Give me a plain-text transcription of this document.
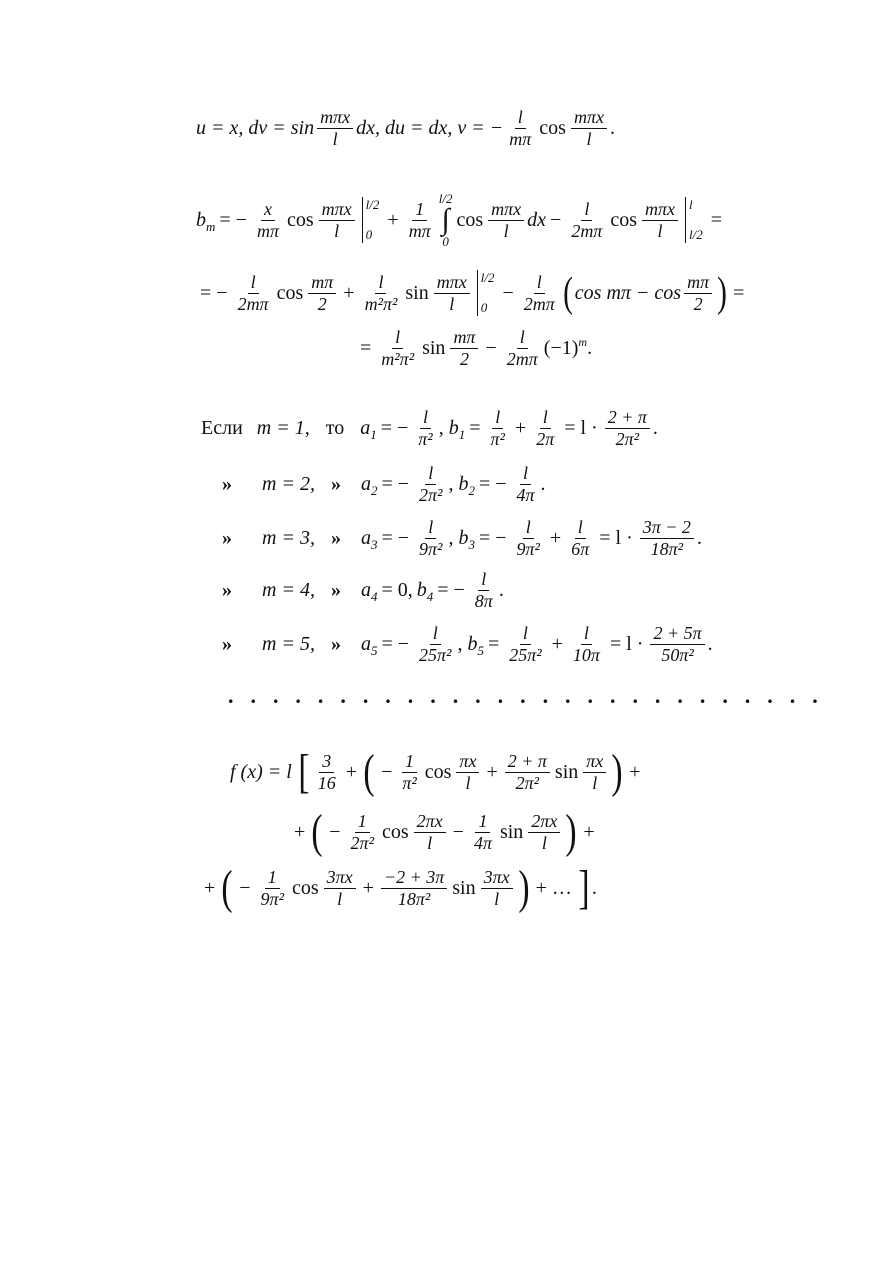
u = x,
dv = $\sin \frac{\text{mπx}}{l}$ dx,
du = dx,
v = − $\frac{l}{m\pi}$ $\cos \frac{\text{mπx}}{l}$ .
$b_m$ = − $\frac{x}{m\pi}$ $\cos \frac{\text{mπx}}{l} l/2$
0
+ $\frac{1}{m\pi}$
l/2
∫
0
$\cos \frac{\text{mπx}}{l}$ dx − $\frac{l}{2m\pi}$ $\cos \frac{\text{mπx}}{l}$ l
l/2
=
= − $\frac{l}{2m\pi}$ $\cos \frac{m\pi}{2} + \frac{l}{\text{m²π²}}$ $\sin \frac{\text{mπx}}{l} l/2$
0
− $\frac{l}{2m\pi}$ ( $\cos m\pi - \cos \frac{m\pi}{2}$ ) =
= $\frac{l}{\text{m²π²}}$ $\sin \frac{m\pi}{2} - \frac{l}{2m\pi} (-1)^m$ .
Если m = 1, то $a_1$ = − $\frac{l}{\text{π²}}$ , $b_1 = \frac{l}{\text{π²}} + \frac{l}{2\pi} = l \cdot \frac{2 + \pi}{\text{2π²}}$ .
»	m = 2, »	$a_2$ = − $\frac{l}{\text{2π²}}$ , $b_2$ = − $\frac{l}{4\pi}$ .
»	m = 3, »	$a_3$ = − $\frac{l}{\text{9π²}}$ , $b_3$ = − $\frac{l}{\text{9π²}} + \frac{l}{6\pi} = l \cdot \frac{3\pi - 2}{\text{18π²}}$ .
»	m = 4, »	$a_4 = 0$, $b_4$ = − $\frac{l}{8\pi}$ .
»	m = 5, »	$a_5$ = − $\frac{l}{\text{25π²}}$ , $b_5 = \frac{l}{\text{25π²}} + \frac{l}{10\pi} = l \cdot \frac{2 + 5\pi}{\text{50π²}}$ .
. . . . . . . . . . . . . . . . . . . . . . . . . . .
f (x) = l [ $\frac{3}{16}$ + ( − $\frac{1}{\text{π²}}$ $\cos \frac{\pi x}{l} + \frac{2 + \pi}{\text{2π²}}$ $\sin \frac{\pi x}{l}$ ) +
+ ( − $\frac{1}{\text{2π²}}$ $\cos \frac{2\pi x}{l} - \frac{1}{4\pi}$ $\sin \frac{2\pi x}{l}$ ) +
+ ( − $\frac{1}{\text{9π²}}$ $\cos \frac{3\pi x}{l} + \frac{-2 + 3\pi}{\text{18π²}}$ $\sin \frac{3\pi x}{l}$ ) + … ] .
